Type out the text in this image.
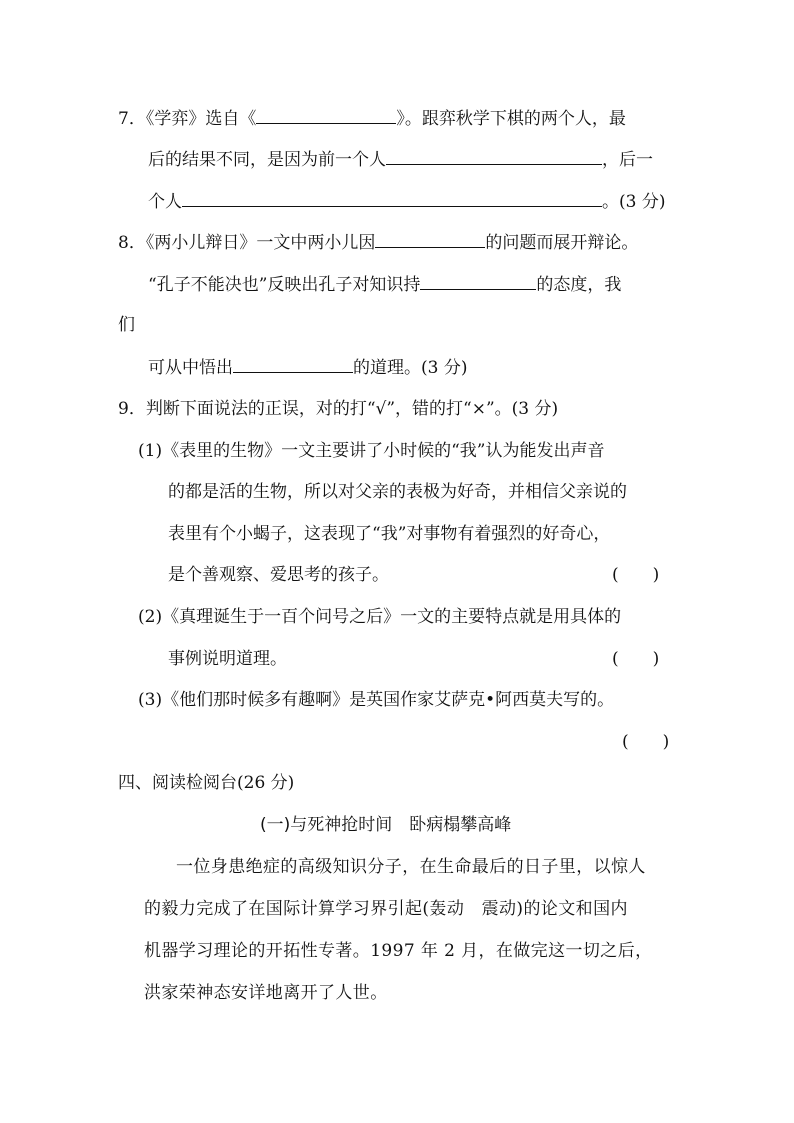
7．《学弈》选自《	》。跟弈秋学下棋的两个人，最
后的结果不同，是因为前一个人	，后一
个人	。(3 分)
8．《两小儿辩日》一文中两小儿因	的问题而展开辩论。
“孔子不能决也”反映出孔子对知识持	的态度，我
们
可从中悟出	的道理。(3 分)
9．判断下面说法的正误，对的打“√”，错的打“×”。(3 分)
(1)《表里的生物》一文主要讲了小时候的“我”认为能发出声音
的都是活的生物，所以对父亲的表极为好奇，并相信父亲说的
表里有个小蝎子，这表现了“我”对事物有着强烈的好奇心，
是个善观察、爱思考的孩子。	(　　)
(2)《真理诞生于一百个问号之后》一文的主要特点就是用具体的
事例说明道理。	(　　)
(3)《他们那时候多有趣啊》是英国作家艾萨克•阿西莫夫写的。
(　　)
四、阅读检阅台(26 分)
(一)与死神抢时间　卧病榻攀高峰
一位身患绝症的高级知识分子，在生命最后的日子里，以惊人
的毅力完成了在国际计算学习界引起(轰动　震动)的论文和国内
机器学习理论的开拓性专著。1997 年 2 月，在做完这一切之后，
洪家荣神态安详地离开了人世。
